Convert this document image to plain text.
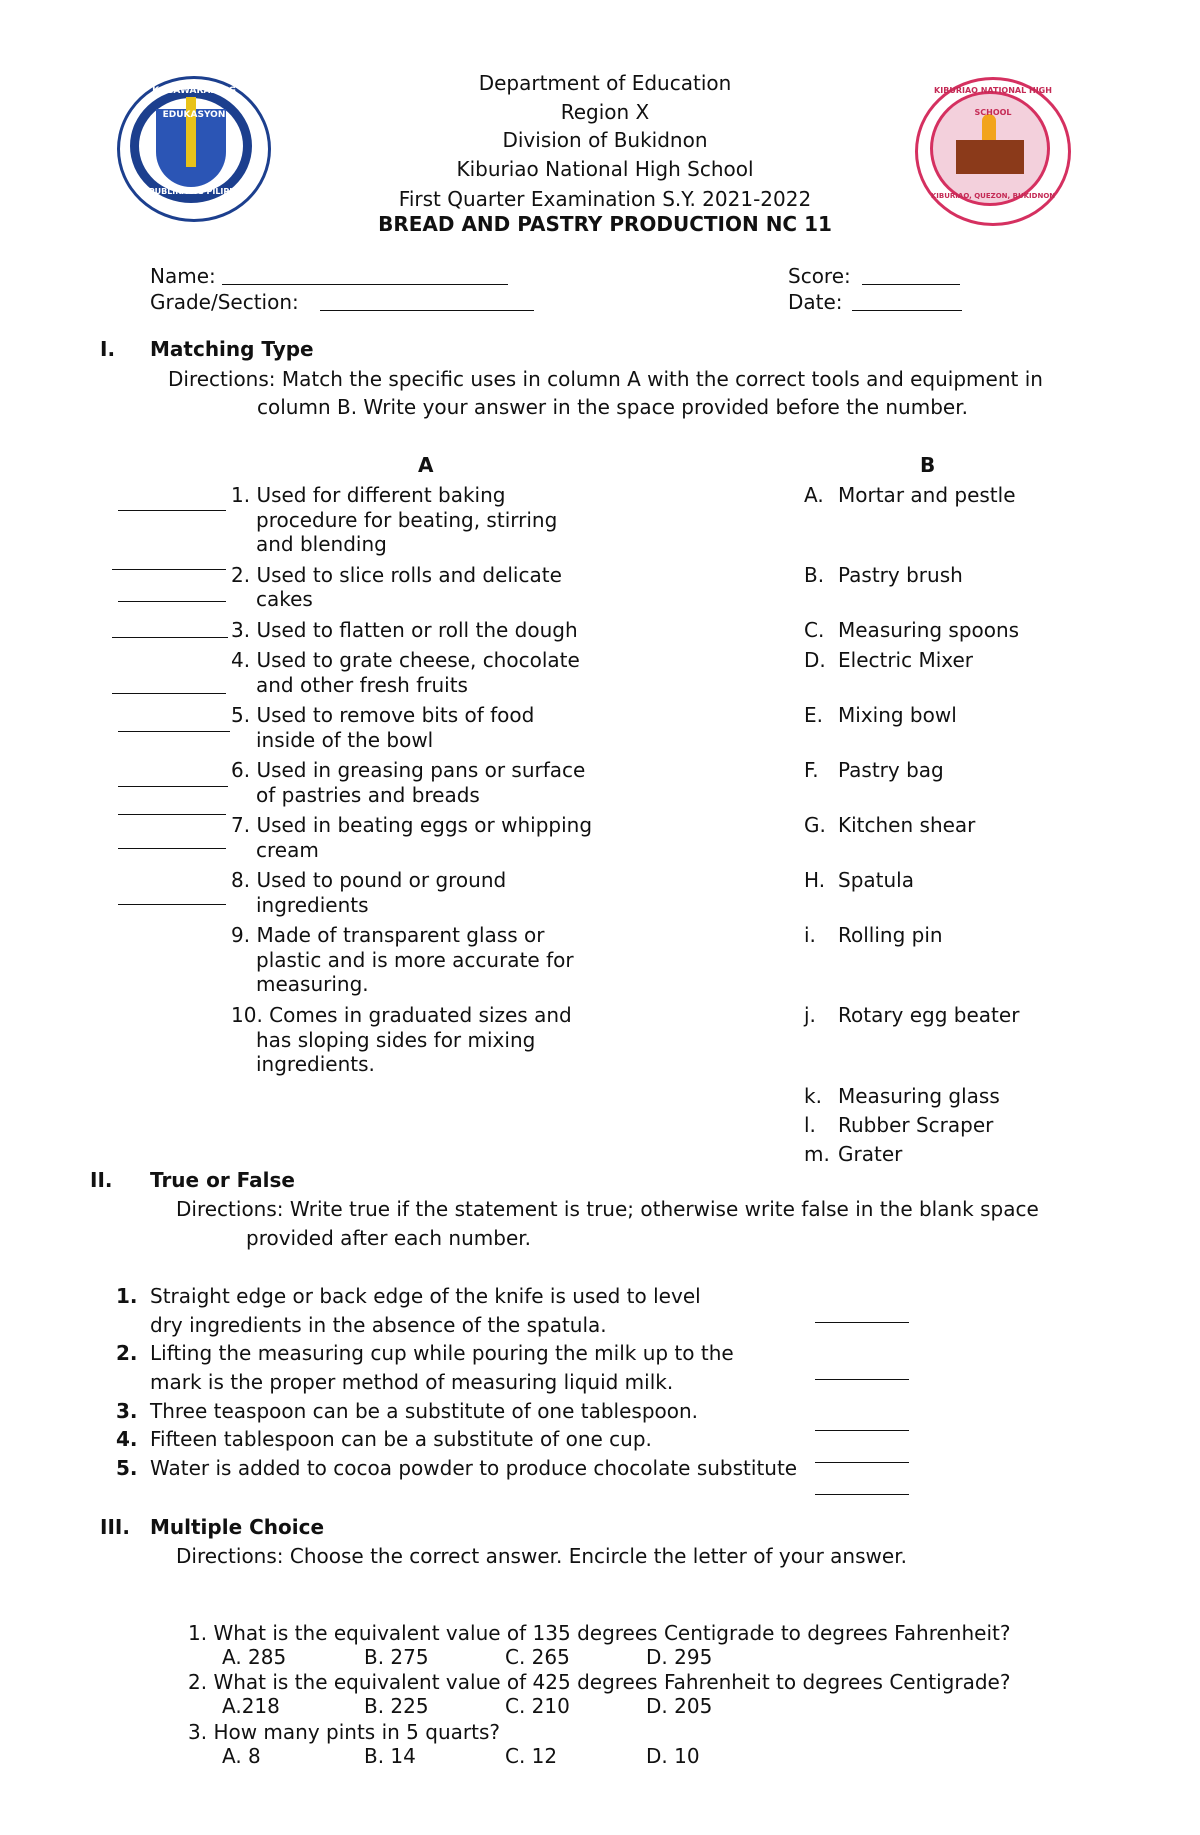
KAGAWARAN NG EDUKASYON
REPUBLIKA NG PILIPINAS
KIBURIAO NATIONAL HIGH SCHOOL
KIBURIAO, QUEZON, BUKIDNON
Department of Education
Region X
Division of Bukidnon
Kiburiao National High School
First Quarter Examination S.Y. 2021-2022
BREAD AND PASTRY PRODUCTION NC 11
Name:
Grade/Section:
Score:
Date:
I. Matching Type
Directions: Match the specific uses in column A with the correct tools and equipment in
column B. Write your answer in the space provided before the number.
A	B
1. Used for different baking
procedure for beating, stirring
and blending
2. Used to slice rolls and delicate
cakes
3. Used to flatten or roll the dough
4. Used to grate cheese, chocolate
and other fresh fruits
5. Used to remove bits of food
inside of the bowl
6. Used in greasing pans or surface
of pastries and breads
7. Used in beating eggs or whipping
cream
8. Used to pound or ground
ingredients
9. Made of transparent glass or
plastic and is more accurate for
measuring.
10. Comes in graduated sizes and
has sloping sides for mixing
ingredients.
A. Mortar and pestle
B. Pastry brush
C. Measuring spoons
D. Electric Mixer
E. Mixing bowl
F. Pastry bag
G. Kitchen shear
H. Spatula
i. Rolling pin
j. Rotary egg beater
k. Measuring glass
l. Rubber Scraper
m. Grater
II. True or False
Directions: Write true if the statement is true; otherwise write false in the blank space
provided after each number.
1. Straight edge or back edge of the knife is used to level
dry ingredients in the absence of the spatula.
2. Lifting the measuring cup while pouring the milk up to the
mark is the proper method of measuring liquid milk.
3. Three teaspoon can be a substitute of one tablespoon.
4. Fifteen tablespoon can be a substitute of one cup.
5. Water is added to cocoa powder to produce chocolate substitute
III. Multiple Choice
Directions: Choose the correct answer. Encircle the letter of your answer.
1. What is the equivalent value of 135 degrees Centigrade to degrees Fahrenheit?
A. 285	B. 275	C. 265	D. 295
2. What is the equivalent value of 425 degrees Fahrenheit to degrees Centigrade?
A.218	B. 225	C. 210	D. 205
3. How many pints in 5 quarts?
A. 8	B. 14	C. 12	D. 10
